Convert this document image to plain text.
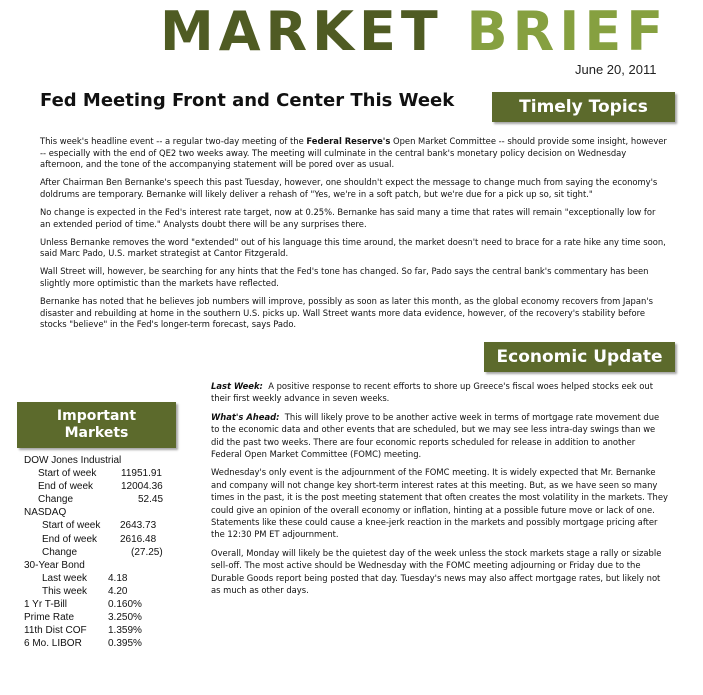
MARKET BRIEF
June 20, 2011
Fed Meeting Front and Center This Week	Timely Topics

This week's headline event -- a regular two-day meeting of the Federal Reserve's Open Market Committee -- should provide some insight, however -- especially with the end of QE2 two weeks away. The meeting will culminate in the central bank's monetary policy decision on Wednesday afternoon, and the tone of the accompanying statement will be pored over as usual.

After Chairman Ben Bernanke's speech this past Tuesday, however, one shouldn't expect the message to change much from saying the economy's doldrums are temporary. Bernanke will likely deliver a rehash of "Yes, we're in a soft patch, but we're due for a pick up so, sit tight."

No change is expected in the Fed's interest rate target, now at 0.25%. Bernanke has said many a time that rates will remain "exceptionally low for an extended period of time." Analysts doubt there will be any surprises there.

Unless Bernanke removes the word "extended" out of his language this time around, the market doesn't need to brace for a rate hike any time soon, said Marc Pado, U.S. market strategist at Cantor Fitzgerald.

Wall Street will, however, be searching for any hints that the Fed's tone has changed. So far, Pado says the central bank's commentary has been slightly more optimistic than the markets have reflected.

Bernanke has noted that he believes job numbers will improve, possibly as soon as later this month, as the global economy recovers from Japan's disaster and rebuilding at home in the southern U.S. picks up. Wall Street wants more data evidence, however, of the recovery's stability before stocks "believe" in the Fed's longer-term forecast, says Pado.

Economic Update

Last Week: A positive response to recent efforts to shore up Greece's fiscal woes helped stocks eek out their first weekly advance in seven weeks.

What's Ahead: This will likely prove to be another active week in terms of mortgage rate movement due to the economic data and other events that are scheduled, but we may see less intra-day swings than we did the past two weeks. There are four economic reports scheduled for release in addition to another Federal Open Market Committee (FOMC) meeting.

Wednesday's only event is the adjournment of the FOMC meeting. It is widely expected that Mr. Bernanke and company will not change key short-term interest rates at this meeting. But, as we have seen so many times in the past, it is the post meeting statement that often creates the most volatility in the markets. They could give an opinion of the overall economy or inflation, hinting at a possible future move or lack of one. Statements like these could cause a knee-jerk reaction in the markets and possibly mortgage pricing after the 12:30 PM ET adjournment.

Overall, Monday will likely be the quietest day of the week unless the stock markets stage a rally or sizable sell-off. The most active should be Wednesday with the FOMC meeting adjourning or Friday due to the Durable Goods report being posted that day. Tuesday's news may also affect mortgage rates, but likely not as much as other days.

Important
Markets
DOW Jones Industrial
Start of week 11951.91
End of week	12004.36
Change	52.45
NASDAQ
Start of week 2643.73
End of week 2616.48
Change	(27.25)
30-Year Bond
Last week 4.18
This week 4.20
1 Yr T-Bill	0.160%
Prime Rate	3.250%
11th Dist COF 1.359%
6 Mo. LIBOR	0.395%
